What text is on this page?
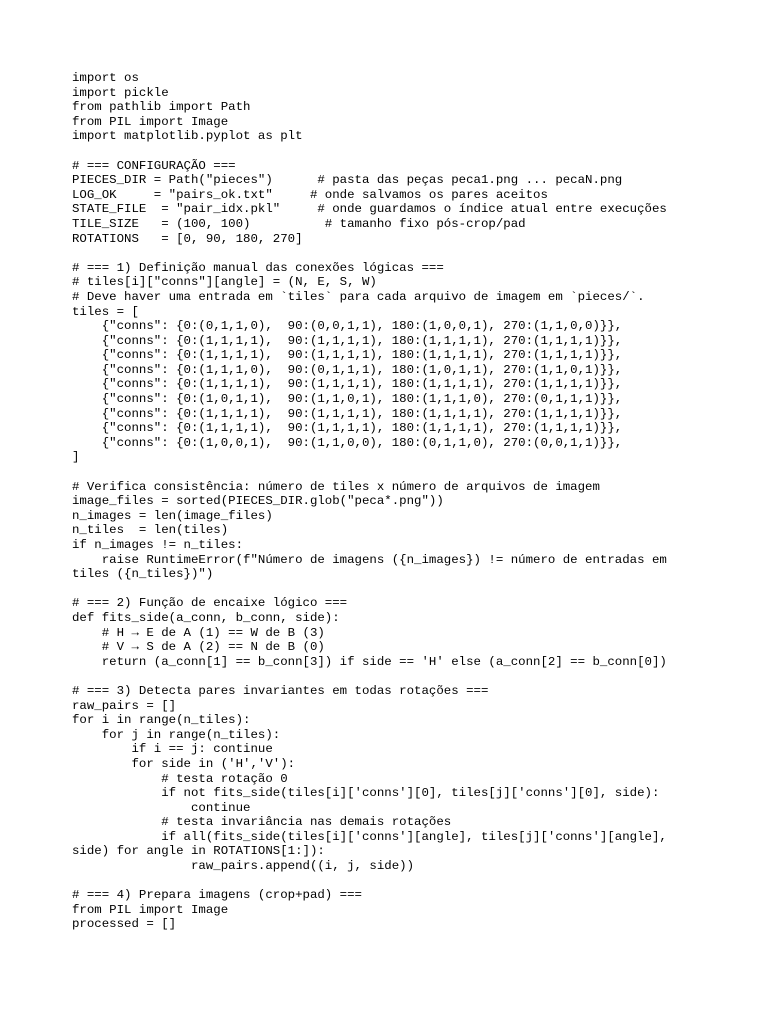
import os
import pickle
from pathlib import Path
from PIL import Image
import matplotlib.pyplot as plt

# === CONFIGURAÇÃO ===
PIECES_DIR = Path("pieces")      # pasta das peças peca1.png ... pecaN.png
LOG_OK     = "pairs_ok.txt"     # onde salvamos os pares aceitos
STATE_FILE  = "pair_idx.pkl"     # onde guardamos o índice atual entre execuções
TILE_SIZE   = (100, 100)          # tamanho fixo pós-crop/pad
ROTATIONS   = [0, 90, 180, 270]

# === 1) Definição manual das conexões lógicas ===
# tiles[i]["conns"][angle] = (N, E, S, W)
# Deve haver uma entrada em `tiles` para cada arquivo de imagem em `pieces/`.
tiles = [
{"conns": {0:(0,1,1,0),  90:(0,0,1,1), 180:(1,0,0,1), 270:(1,1,0,0)}},
{"conns": {0:(1,1,1,1),  90:(1,1,1,1), 180:(1,1,1,1), 270:(1,1,1,1)}},
{"conns": {0:(1,1,1,1),  90:(1,1,1,1), 180:(1,1,1,1), 270:(1,1,1,1)}},
{"conns": {0:(1,1,1,0),  90:(0,1,1,1), 180:(1,0,1,1), 270:(1,1,0,1)}},
{"conns": {0:(1,1,1,1),  90:(1,1,1,1), 180:(1,1,1,1), 270:(1,1,1,1)}},
{"conns": {0:(1,0,1,1),  90:(1,1,0,1), 180:(1,1,1,0), 270:(0,1,1,1)}},
{"conns": {0:(1,1,1,1),  90:(1,1,1,1), 180:(1,1,1,1), 270:(1,1,1,1)}},
{"conns": {0:(1,1,1,1),  90:(1,1,1,1), 180:(1,1,1,1), 270:(1,1,1,1)}},
{"conns": {0:(1,0,0,1),  90:(1,1,0,0), 180:(0,1,1,0), 270:(0,0,1,1)}},
]

# Verifica consistência: número de tiles x número de arquivos de imagem
image_files = sorted(PIECES_DIR.glob("peca*.png"))
n_images = len(image_files)
n_tiles  = len(tiles)
if n_images != n_tiles:
raise RuntimeError(f"Número de imagens ({n_images}) != número de entradas em
tiles ({n_tiles})")

# === 2) Função de encaixe lógico ===
def fits_side(a_conn, b_conn, side):
# H → E de A (1) == W de B (3)
# V → S de A (2) == N de B (0)
return (a_conn[1] == b_conn[3]) if side == 'H' else (a_conn[2] == b_conn[0])

# === 3) Detecta pares invariantes em todas rotações ===
raw_pairs = []
for i in range(n_tiles):
for j in range(n_tiles):
if i == j: continue
for side in ('H','V'):
# testa rotação 0
if not fits_side(tiles[i]['conns'][0], tiles[j]['conns'][0], side):
continue
# testa invariância nas demais rotações
if all(fits_side(tiles[i]['conns'][angle], tiles[j]['conns'][angle],
side) for angle in ROTATIONS[1:]):
raw_pairs.append((i, j, side))

# === 4) Prepara imagens (crop+pad) ===
from PIL import Image
processed = []
